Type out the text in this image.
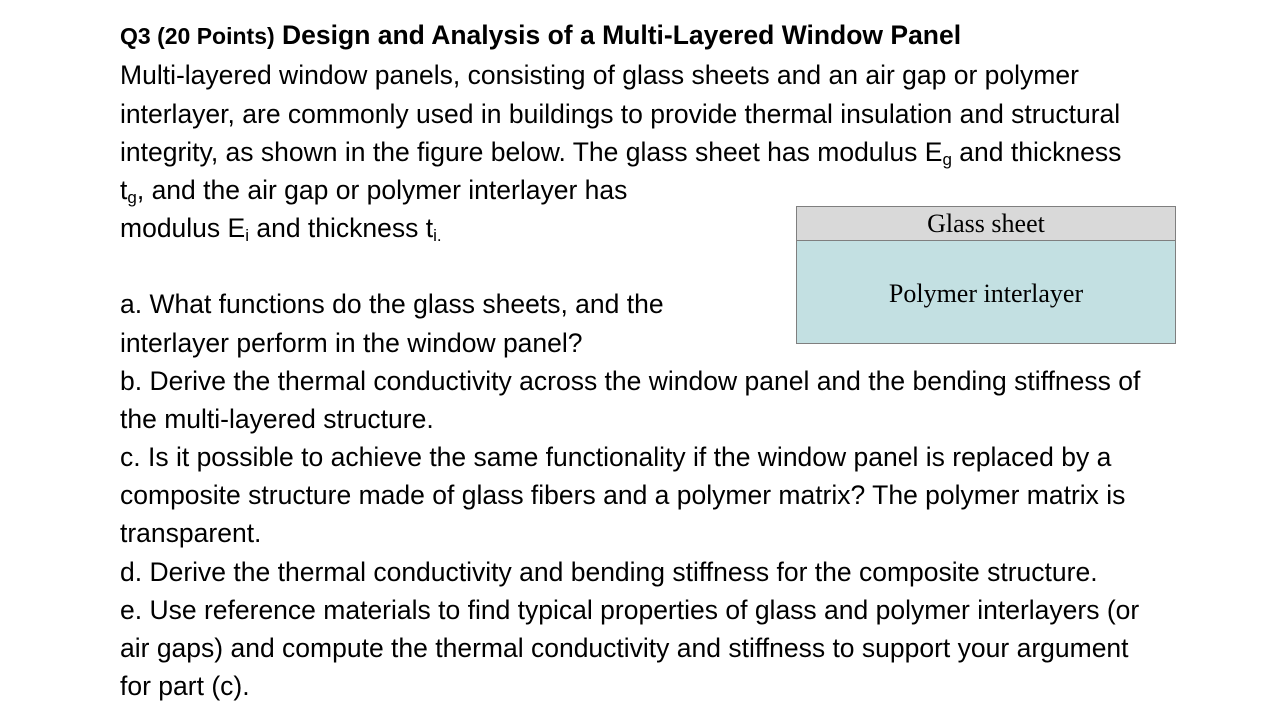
Q3 (20 Points) Design and Analysis of a Multi-Layered Window Panel
Multi-layered window panels, consisting of glass sheets and an air gap or polymer
interlayer, are commonly used in buildings to provide thermal insulation and structural
integrity, as shown in the figure below. The glass sheet has modulus $E_g$ and thickness
$t_g$, and the air gap or polymer interlayer has
modulus $E_i$ and thickness $t_{i.}$	Glass sheet
Polymer interlayer
a. What functions do the glass sheets, and the
interlayer perform in the window panel?
b. Derive the thermal conductivity across the window panel and the bending stiffness of
the multi-layered structure.
c. Is it possible to achieve the same functionality if the window panel is replaced by a
composite structure made of glass fibers and a polymer matrix? The polymer matrix is
transparent.
d. Derive the thermal conductivity and bending stiffness for the composite structure.
e. Use reference materials to find typical properties of glass and polymer interlayers (or
air gaps) and compute the thermal conductivity and stiffness to support your argument
for part (c).
